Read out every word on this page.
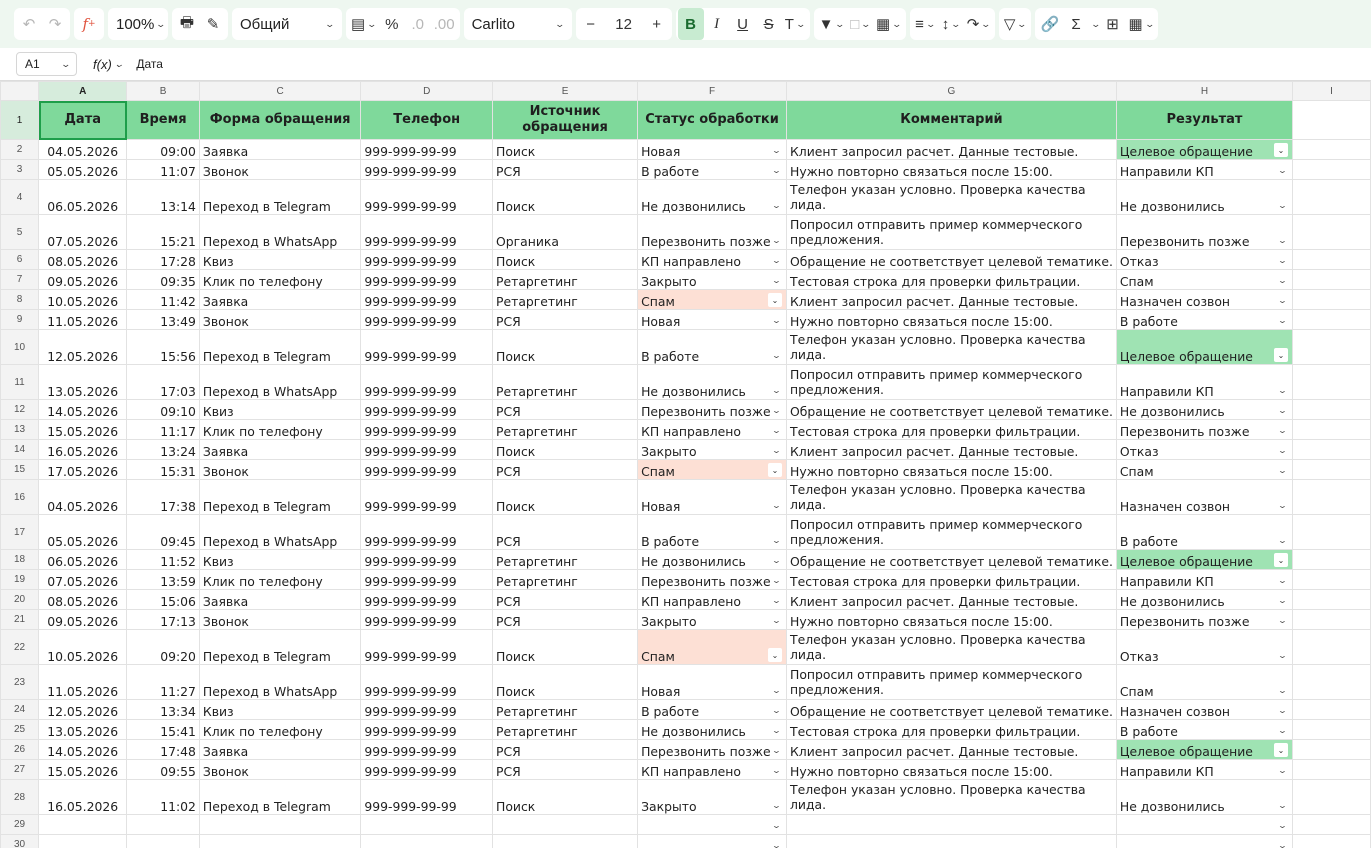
↶ ↷	f + 100% ⌄ 🖶 ✎	Общий	⌄ ▤ ⌄ % .0 .00 Carlito	⌄	−	12	+	B	I	U	S T ⌄ ▼ ⌄ □ ⌄ ▦ ⌄ ≡ ⌄ ↕ ⌄ ↷ ⌄ ▽ ⌄ 🔗 Σ	⌄ ⊞ ▦ ⌄
A1 ⌄ f(x) ⌄ Дата
	A	B	C	D	E	F	G	H	I
1	Дата	Время	Форма обращения	Телефон	Источник обращения	Статус обработки	Комментарий	Результат	
2	04.05.2026	09:00	Заявка	999-999-99-99	Поиск	Новая ⌄	Клиент запросил расчет. Данные тестовые.	Целевое обращение ⌄	

3	05.05.2026	11:07	Звонок	999-999-99-99	РСЯ	В работе ⌄	Нужно повторно связаться после 15:00.	Направили КП ⌄	

4	06.05.2026	13:14	Переход в Telegram	999-999-99-99	Поиск	Не дозвонились ⌄	Телефон указан условно. Проверка качества лида.	Не дозвонились ⌄	

5	07.05.2026	15:21	Переход в WhatsApp	999-999-99-99	Органика	Перезвонить позже ⌄	Попросил отправить пример коммерческого предложения.	Перезвонить позже ⌄	

6	08.05.2026	17:28	Квиз	999-999-99-99	Поиск	КП направлено ⌄	Обращение не соответствует целевой тематике.	Отказ ⌄	

7	09.05.2026	09:35	Клик по телефону	999-999-99-99	Ретаргетинг	Закрыто ⌄	Тестовая строка для проверки фильтрации.	Спам ⌄	

8	10.05.2026	11:42	Заявка	999-999-99-99	Ретаргетинг	Спам ⌄	Клиент запросил расчет. Данные тестовые.	Назначен созвон ⌄	

9	11.05.2026	13:49	Звонок	999-999-99-99	РСЯ	Новая ⌄	Нужно повторно связаться после 15:00.	В работе ⌄	

10	12.05.2026	15:56	Переход в Telegram	999-999-99-99	Поиск	В работе ⌄	Телефон указан условно. Проверка качества лида.	Целевое обращение ⌄	

11	13.05.2026	17:03	Переход в WhatsApp	999-999-99-99	Ретаргетинг	Не дозвонились ⌄	Попросил отправить пример коммерческого предложения.	Направили КП ⌄	

12	14.05.2026	09:10	Квиз	999-999-99-99	РСЯ	Перезвонить позже ⌄	Обращение не соответствует целевой тематике.	Не дозвонились ⌄	

13	15.05.2026	11:17	Клик по телефону	999-999-99-99	Ретаргетинг	КП направлено ⌄	Тестовая строка для проверки фильтрации.	Перезвонить позже ⌄	

14	16.05.2026	13:24	Заявка	999-999-99-99	Поиск	Закрыто ⌄	Клиент запросил расчет. Данные тестовые.	Отказ ⌄	

15	17.05.2026	15:31	Звонок	999-999-99-99	РСЯ	Спам ⌄	Нужно повторно связаться после 15:00.	Спам ⌄	

16	04.05.2026	17:38	Переход в Telegram	999-999-99-99	Поиск	Новая ⌄	Телефон указан условно. Проверка качества лида.	Назначен созвон ⌄	

17	05.05.2026	09:45	Переход в WhatsApp	999-999-99-99	РСЯ	В работе ⌄	Попросил отправить пример коммерческого предложения.	В работе ⌄	

18	06.05.2026	11:52	Квиз	999-999-99-99	Ретаргетинг	Не дозвонились ⌄	Обращение не соответствует целевой тематике.	Целевое обращение ⌄	

19	07.05.2026	13:59	Клик по телефону	999-999-99-99	Ретаргетинг	Перезвонить позже ⌄	Тестовая строка для проверки фильтрации.	Направили КП ⌄	

20	08.05.2026	15:06	Заявка	999-999-99-99	РСЯ	КП направлено ⌄	Клиент запросил расчет. Данные тестовые.	Не дозвонились ⌄	

21	09.05.2026	17:13	Звонок	999-999-99-99	РСЯ	Закрыто ⌄	Нужно повторно связаться после 15:00.	Перезвонить позже ⌄	

22	10.05.2026	09:20	Переход в Telegram	999-999-99-99	Поиск	Спам ⌄	Телефон указан условно. Проверка качества лида.	Отказ ⌄	

23	11.05.2026	11:27	Переход в WhatsApp	999-999-99-99	Поиск	Новая ⌄	Попросил отправить пример коммерческого предложения.	Спам ⌄	

24	12.05.2026	13:34	Квиз	999-999-99-99	Ретаргетинг	В работе ⌄	Обращение не соответствует целевой тематике.	Назначен созвон ⌄	

25	13.05.2026	15:41	Клик по телефону	999-999-99-99	Ретаргетинг	Не дозвонились ⌄	Тестовая строка для проверки фильтрации.	В работе ⌄	

26	14.05.2026	17:48	Заявка	999-999-99-99	РСЯ	Перезвонить позже ⌄	Клиент запросил расчет. Данные тестовые.	Целевое обращение ⌄	

27	15.05.2026	09:55	Звонок	999-999-99-99	РСЯ	КП направлено ⌄	Нужно повторно связаться после 15:00.	Направили КП ⌄	

28	16.05.2026	11:02	Переход в Telegram	999-999-99-99	Поиск	Закрыто ⌄	Телефон указан условно. Проверка качества лида.	Не дозвонились ⌄	

29						⌄		⌄	

30						⌄		⌄	
